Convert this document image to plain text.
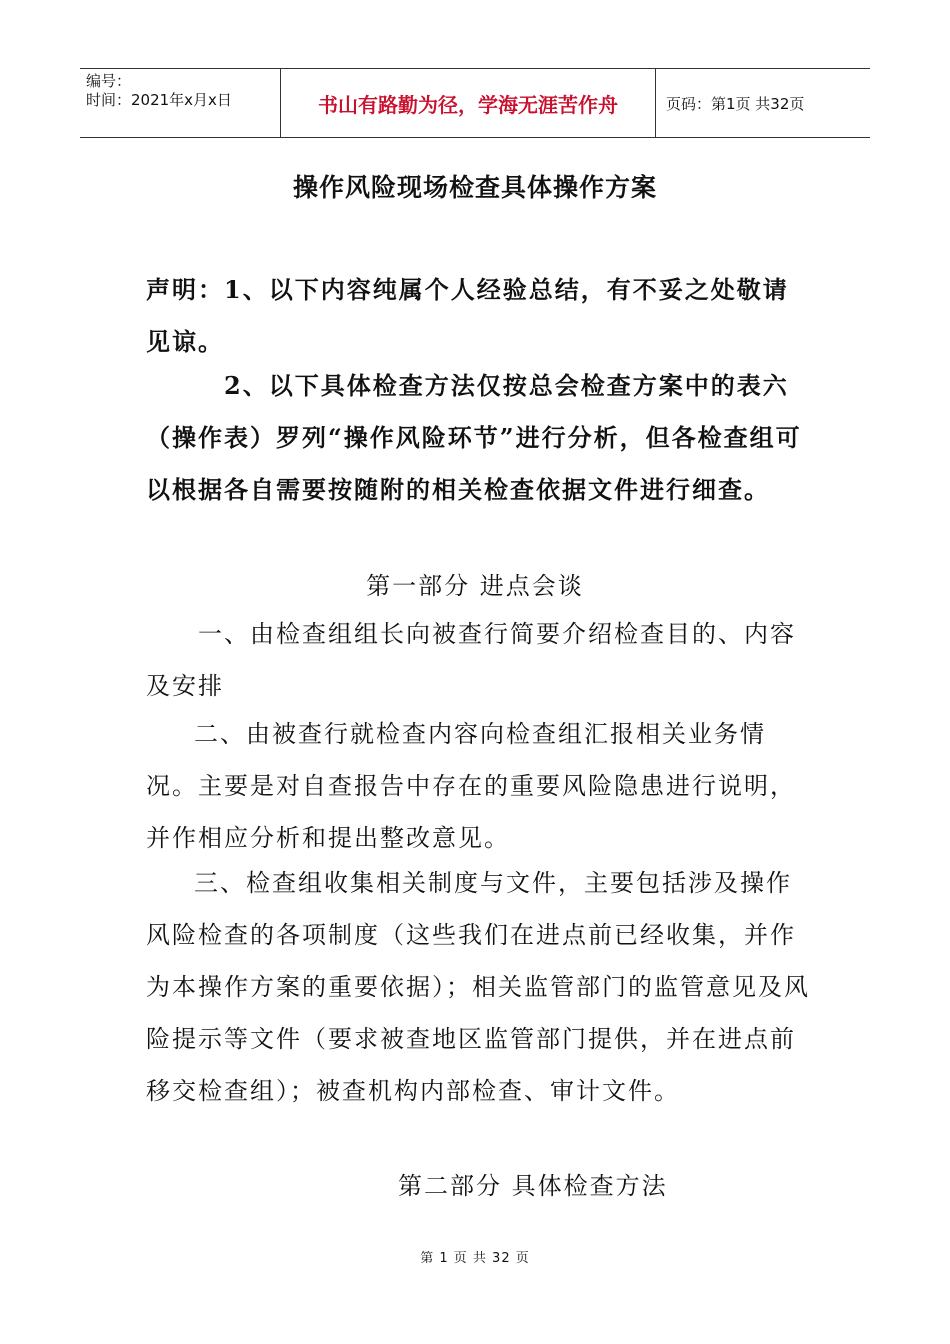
编号：
时间：2021年x月x日	书山有路勤为径，学海无涯苦作舟	页码：第1页 共32页
操作风险现场检查具体操作方案

声明：1、以下内容纯属个人经验总结，有不妥之处敬请见谅。

2、以下具体检查方法仅按总会检查方案中的表六（操作表）罗列“操作风险环节”进行分析，但各检查组可以根据各自需要按随附的相关检查依据文件进行细查。

第一部分 进点会谈

一、由检查组组长向被查行简要介绍检查目的、内容及安排

二、由被查行就检查内容向检查组汇报相关业务情况。主要是对自查报告中存在的重要风险隐患进行说明，并作相应分析和提出整改意见。

三、检查组收集相关制度与文件，主要包括涉及操作风险检查的各项制度（这些我们在进点前已经收集，并作为本操作方案的重要依据）；相关监管部门的监管意见及风险提示等文件（要求被查地区监管部门提供，并在进点前移交检查组）；被查机构内部检查、审计文件。

第二部分 具体检查方法
第 1 页 共 32 页
